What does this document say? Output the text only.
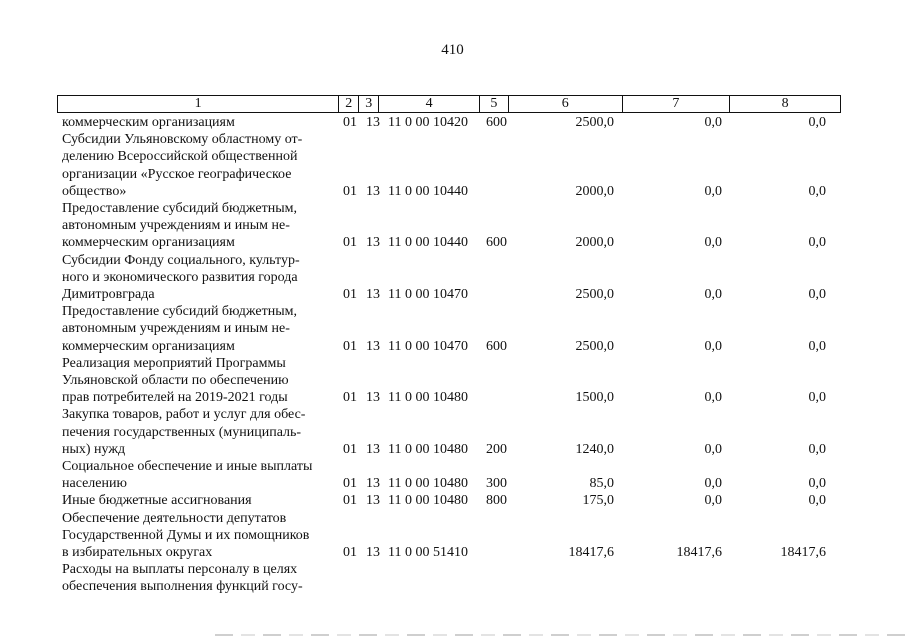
410
1	2 3	4	5	6	7	8
коммерческим организациям	01 13 11 0 00 10420	600	2500,0	0,0	0,0
Субсидии Ульяновскому областному от-
делению Всероссийской общественной
организации «Русское географическое
общество»	01 13 11 0 00 10440	2000,0	0,0	0,0
Предоставление субсидий бюджетным,
автономным учреждениям и иным не-
коммерческим организациям	01 13 11 0 00 10440	600	2000,0	0,0	0,0
Субсидии Фонду социального, культур-
ного и экономического развития города
Димитровграда	01 13 11 0 00 10470	2500,0	0,0	0,0
Предоставление субсидий бюджетным,
автономным учреждениям и иным не-
коммерческим организациям	01 13 11 0 00 10470	600	2500,0	0,0	0,0
Реализация мероприятий Программы
Ульяновской области по обеспечению
прав потребителей на 2019-2021 годы	01 13 11 0 00 10480	1500,0	0,0	0,0
Закупка товаров, работ и услуг для обес-
печения государственных (муниципаль-
ных) нужд	01 13 11 0 00 10480	200	1240,0	0,0	0,0
Социальное обеспечение и иные выплаты
населению	01 13 11 0 00 10480	300	85,0	0,0	0,0
Иные бюджетные ассигнования	01 13 11 0 00 10480	800	175,0	0,0	0,0
Обеспечение деятельности депутатов
Государственной Думы и их помощников
в избирательных округах	01 13 11 0 00 51410	18417,6	18417,6	18417,6
Расходы на выплаты персоналу в целях
обеспечения выполнения функций госу-
